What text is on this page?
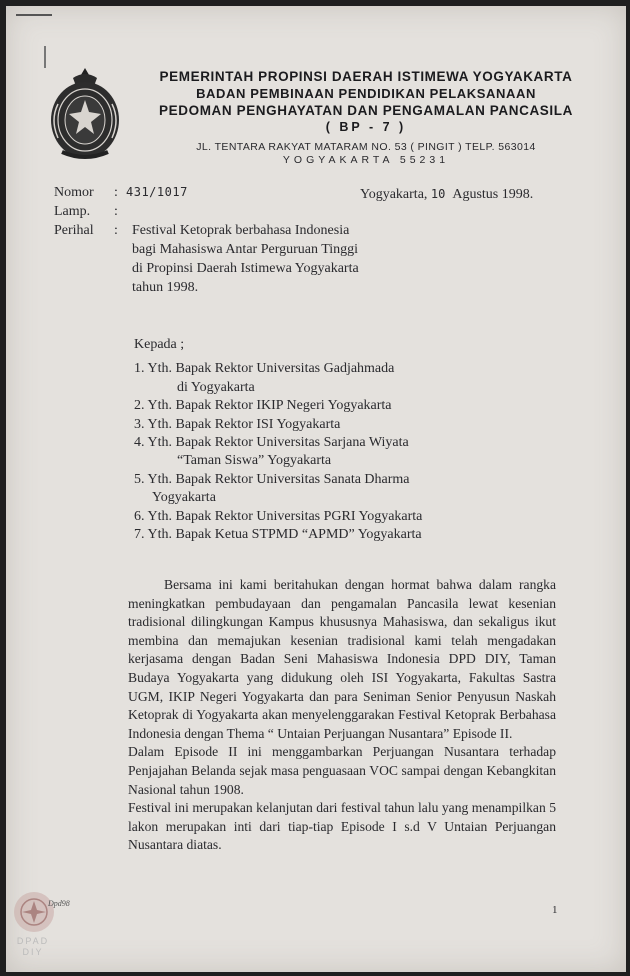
PEMERINTAH PROPINSI DAERAH ISTIMEWA YOGYAKARTA
BADAN PEMBINAAN PENDIDIKAN PELAKSANAAN
PEDOMAN PENGHAYATAN DAN PENGAMALAN PANCASILA
( BP - 7 )
JL. TENTARA RAKYAT MATARAM NO. 53 ( PINGIT ) TELP. 563014
YOGYAKARTA 55231
Nomor	: 431/1017
Lamp.	:
Perihal	:
Yogyakarta, 10 Agustus 1998.
Festival Ketoprak berbahasa Indonesia
bagi Mahasiswa Antar Perguruan Tinggi
di Propinsi Daerah Istimewa Yogyakarta
tahun 1998.
Kepada ;
1. Yth. Bapak Rektor Universitas Gadjahmada
di Yogyakarta
2. Yth. Bapak Rektor IKIP Negeri Yogyakarta
3. Yth. Bapak Rektor ISI Yogyakarta
4. Yth. Bapak Rektor Universitas Sarjana Wiyata
“Taman Siswa” Yogyakarta
5. Yth. Bapak Rektor Universitas Sanata Dharma
Yogyakarta
6. Yth. Bapak Rektor Universitas PGRI Yogyakarta
7. Yth. Bapak Ketua STPMD “APMD” Yogyakarta

Bersama ini kami beritahukan dengan hormat bahwa dalam rangka meningkatkan pembudayaan dan pengamalan Pancasila lewat kesenian tradisional dilingkungan Kampus khususnya Mahasiswa, dan sekaligus ikut membina dan memajukan kesenian tradisional kami telah mengadakan kerjasama dengan Badan Seni Mahasiswa Indonesia DPD DIY, Taman Budaya Yogyakarta yang didukung oleh ISI Yogyakarta, Fakultas Sastra UGM, IKIP Negeri Yogyakarta dan para Seniman Senior Penyusun Naskah Ketoprak di Yogyakarta akan menyelenggarakan Festival Ketoprak Berbahasa Indonesia dengan Thema “ Untaian Perjuangan Nusantara” Episode II.

Dalam Episode II ini menggambarkan Perjuangan Nusantara terhadap Penjajahan Belanda sejak masa penguasaan VOC sampai dengan Kebangkitan Nasional tahun 1908.

Festival ini merupakan kelanjutan dari festival tahun lalu yang menampilkan 5 lakon merupakan inti dari tiap-tiap Episode I s.d V Untaian Perjuangan Nusantara diatas.

Dpd98
DPAD
DIY
1
